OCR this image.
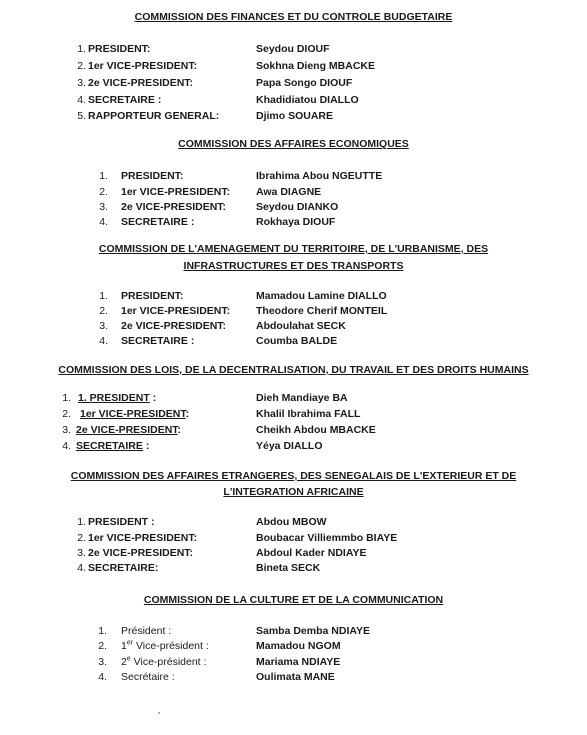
COMMISSION DES FINANCES ET DU CONTROLE BUDGETAIRE
1. PRESIDENT:	Seydou DIOUF
2. 1er VICE-PRESIDENT:	Sokhna Dieng MBACKE
3. 2e VICE-PRESIDENT:	Papa Songo DIOUF
4. SECRETAIRE :	Khadidiatou DIALLO
5. RAPPORTEUR GENERAL:	Djimo SOUARE
COMMISSION DES AFFAIRES ECONOMIQUES
1. PRESIDENT:	Ibrahima Abou NGEUTTE
2. 1er VICE-PRESIDENT: Awa DIAGNE
3. 2e VICE-PRESIDENT:	Seydou DIANKO
4. SECRETAIRE :	Rokhaya DIOUF
COMMISSION DE L'AMENAGEMENT DU TERRITOIRE, DE L'URBANISME, DES
INFRASTRUCTURES ET DES TRANSPORTS
1. PRESIDENT:	Mamadou Lamine DIALLO
2. 1er VICE-PRESIDENT: Theodore Cherif MONTEIL
3. 2e VICE-PRESIDENT:	Abdoulahat SECK
4. SECRETAIRE :	Coumba BALDE
COMMISSION DES LOIS, DE LA DECENTRALISATION, DU TRAVAIL ET DES DROITS HUMAINS
1. 1. PRESIDENT :	Dieh Mandiaye BA
2. 1er VICE-PRESIDENT:	Khalil Ibrahima FALL
3. 2e VICE-PRESIDENT:	Cheikh Abdou MBACKE
4. SECRETAIRE :	Yéya DIALLO
COMMISSION DES AFFAIRES ETRANGERES, DES SENEGALAIS DE L'EXTERIEUR ET DE
L'INTEGRATION AFRICAINE
1. PRESIDENT :	Abdou MBOW
2. 1er VICE-PRESIDENT:	Boubacar Villiemmbo BIAYE
3. 2e VICE-PRESIDENT:	Abdoul Kader NDIAYE
4. SECRETAIRE:	Bineta SECK
COMMISSION DE LA CULTURE ET DE LA COMMUNICATION
1. Président :	Samba Demba NDIAYE
2. 1er Vice-président :	Mamadou NGOM
3. 2e Vice-président :	Mariama NDIAYE
4. Secrétaire :	Oulimata MANE
